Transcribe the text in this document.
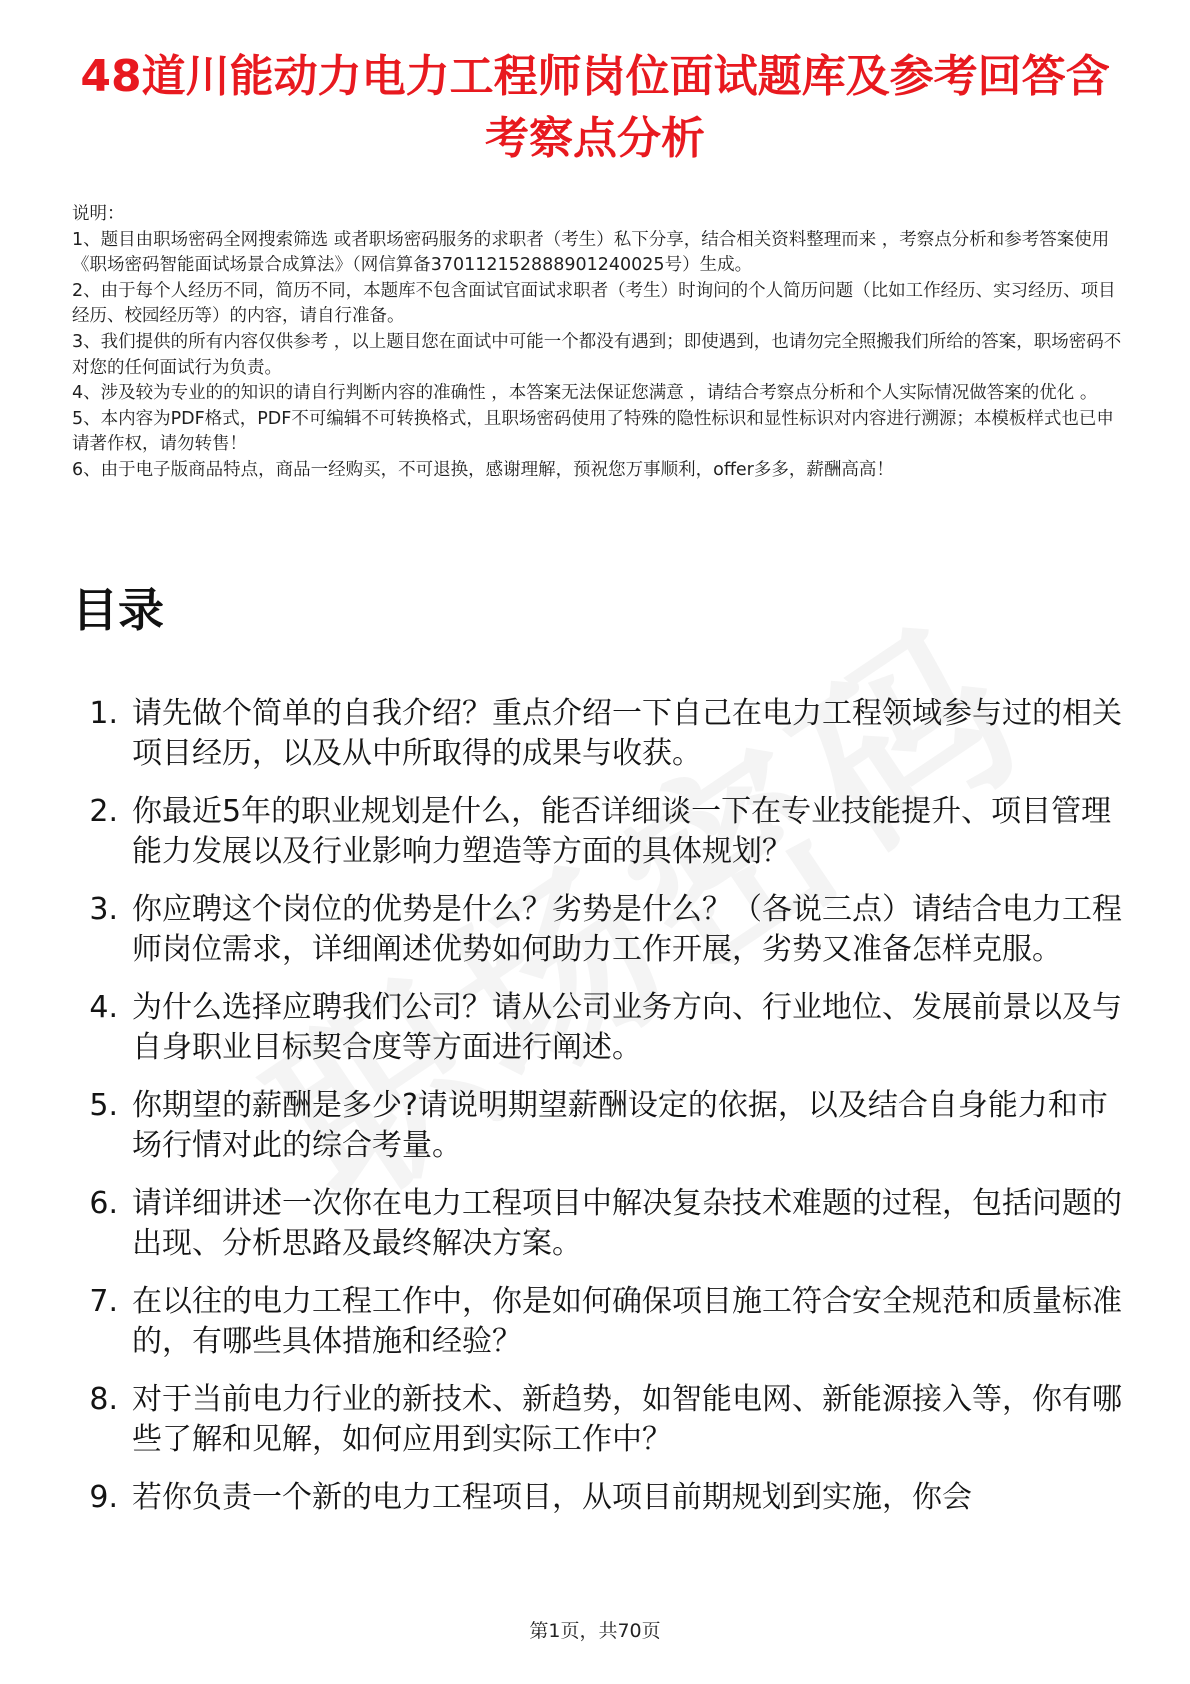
48道川能动力电力工程师岗位面试题库及参考回答含考察点分析

说明：

1、题目由职场密码全网搜索筛选 或者职场密码服务的求职者（考生）私下分享，结合相关资料整理而来 ，考察点分析和参考答案使用《职场密码智能面试场景合成算法》（网信算备370112152888901240025号）生成。

2、由于每个人经历不同，简历不同，本题库不包含面试官面试求职者（考生）时询问的个人简历问题（比如工作经历、实习经历、项目经历、校园经历等）的内容，请自行准备。

3、我们提供的所有内容仅供参考 ，以上题目您在面试中可能一个都没有遇到；即使遇到，也请勿完全照搬我们所给的答案，职场密码不对您的任何面试行为负责。

4、涉及较为专业的的知识的请自行判断内容的准确性 ，本答案无法保证您满意 ，请结合考察点分析和个人实际情况做答案的优化 。

5、本内容为PDF格式，PDF不可编辑不可转换格式，且职场密码使用了特殊的隐性标识和显性标识对内容进行溯源；本模板样式也已申请著作权，请勿转售！

6、由于电子版商品特点，商品一经购买，不可退换，感谢理解，预祝您万事顺利，offer多多，薪酬高高！

目录
1. 请先做个简单的自我介绍？重点介绍一下自己在电力工程领域参与过的相关项目经历，以及从中所取得的成果与收获。
2. 你最近5年的职业规划是什么，能否详细谈一下在专业技能提升、项目管理能力发展以及行业影响力塑造等方面的具体规划？
3. 你应聘这个岗位的优势是什么？劣势是什么？（各说三点）请结合电力工程师岗位需求，详细阐述优势如何助力工作开展，劣势又准备怎样克服。
4. 为什么选择应聘我们公司？请从公司业务方向、行业地位、发展前景以及与自身职业目标契合度等方面进行阐述。
5. 你期望的薪酬是多少?请说明期望薪酬设定的依据，以及结合自身能力和市场行情对此的综合考量。
6. 请详细讲述一次你在电力工程项目中解决复杂技术难题的过程，包括问题的出现、分析思路及最终解决方案。
7. 在以往的电力工程工作中，你是如何确保项目施工符合安全规范和质量标准的，有哪些具体措施和经验？
8. 对于当前电力行业的新技术、新趋势，如智能电网、新能源接入等，你有哪些了解和见解，如何应用到实际工作中？
9. 若你负责一个新的电力工程项目，从项目前期规划到实施，你会
第1页，共70页
